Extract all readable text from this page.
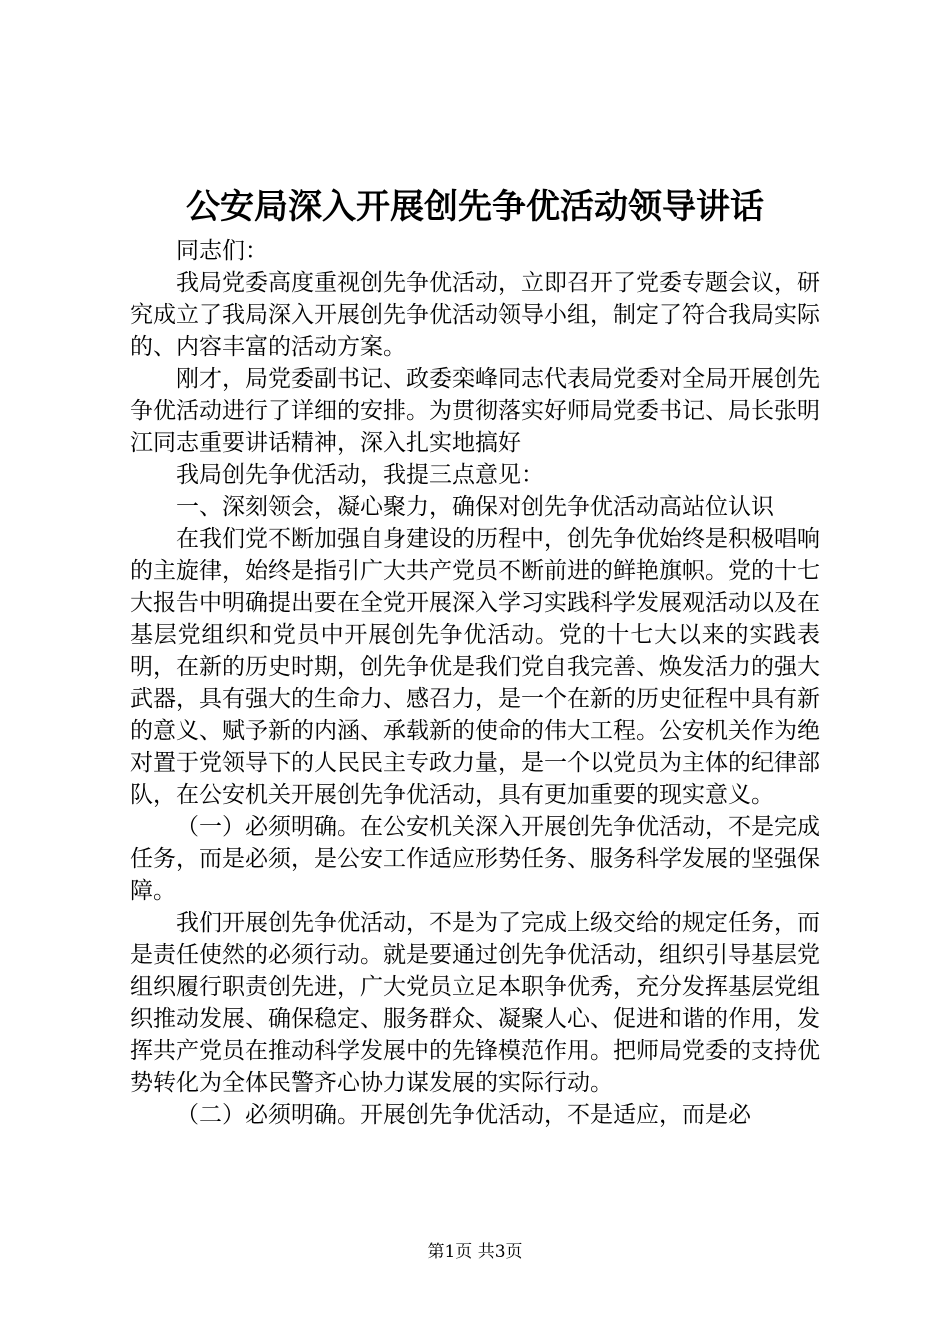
公安局深入开展创先争优活动领导讲话

同志们：

我局党委高度重视创先争优活动，立即召开了党委专题会议，研究成立了我局深入开展创先争优活动领导小组，制定了符合我局实际的、内容丰富的活动方案。

刚才，局党委副书记、政委栾峰同志代表局党委对全局开展创先争优活动进行了详细的安排。为贯彻落实好师局党委书记、局长张明江同志重要讲话精神，深入扎实地搞好

我局创先争优活动，我提三点意见：

一、深刻领会，凝心聚力，确保对创先争优活动高站位认识

在我们党不断加强自身建设的历程中，创先争优始终是积极唱响的主旋律，始终是指引广大共产党员不断前进的鲜艳旗帜。党的十七大报告中明确提出要在全党开展深入学习实践科学发展观活动以及在基层党组织和党员中开展创先争优活动。党的十七大以来的实践表明，在新的历史时期，创先争优是我们党自我完善、焕发活力的强大武器，具有强大的生命力、感召力，是一个在新的历史征程中具有新的意义、赋予新的内涵、承载新的使命的伟大工程。公安机关作为绝对置于党领导下的人民民主专政力量，是一个以党员为主体的纪律部队，在公安机关开展创先争优活动，具有更加重要的现实意义。

（一）必须明确。在公安机关深入开展创先争优活动，不是完成任务，而是必须，是公安工作适应形势任务、服务科学发展的坚强保障。

我们开展创先争优活动，不是为了完成上级交给的规定任务，而是责任使然的必须行动。就是要通过创先争优活动，组织引导基层党组织履行职责创先进，广大党员立足本职争优秀，充分发挥基层党组织推动发展、确保稳定、服务群众、凝聚人心、促进和谐的作用，发挥共产党员在推动科学发展中的先锋模范作用。把师局党委的支持优势转化为全体民警齐心协力谋发展的实际行动。

（二）必须明确。开展创先争优活动，不是适应，而是必

第1页 共3页
